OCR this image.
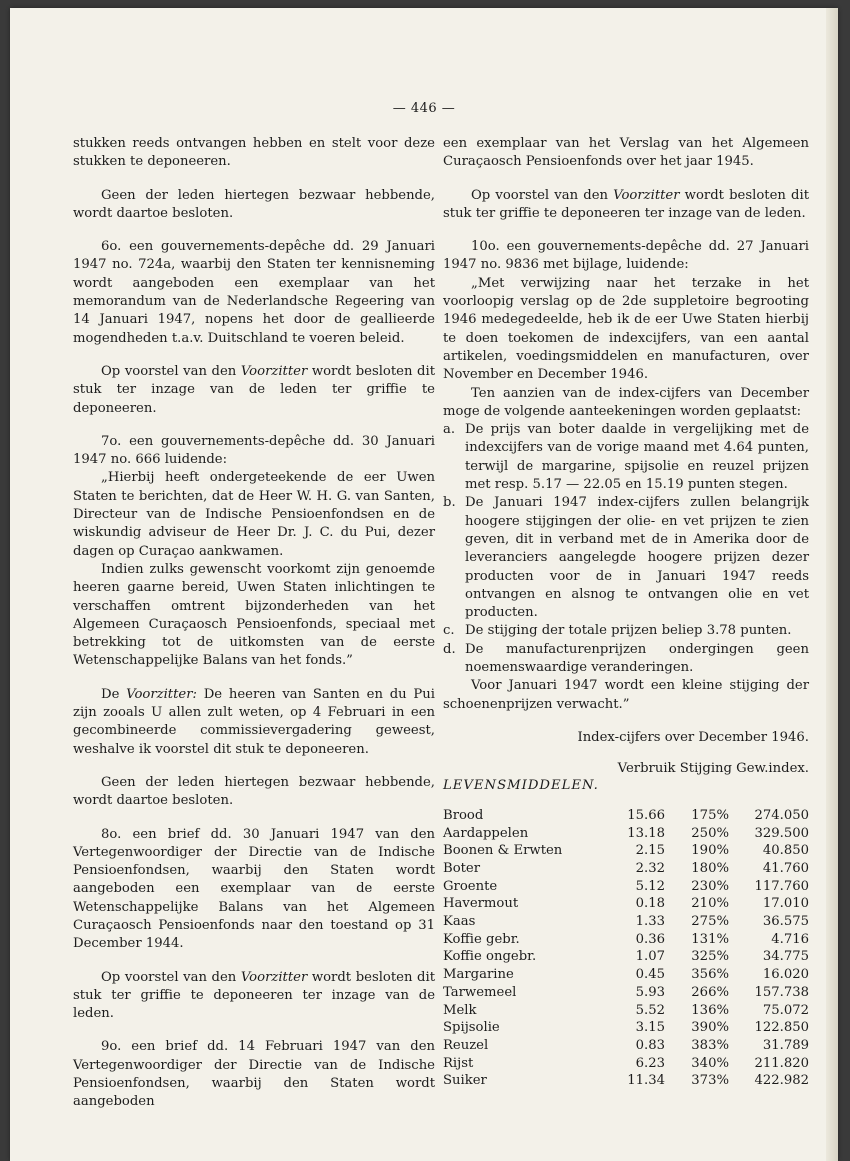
— 446 —

stukken reeds ontvangen hebben en stelt voor deze stukken te deponeeren.

Geen der leden hiertegen bezwaar hebbende, wordt daartoe besloten.

6o. een gouvernements-depêche dd. 29 Januari 1947 no. 724a, waarbij den Staten ter kennisneming wordt aangeboden een exemplaar van het memorandum van de Nederlandsche Regeering van 14 Januari 1947, nopens het door de geallieerde mogendheden t.a.v. Duitschland te voeren beleid.

Op voorstel van den Voorzitter wordt besloten dit stuk ter inzage van de leden ter griffie te deponeeren.

7o. een gouvernements-depêche dd. 30 Januari 1947 no. 666 luidende:

„Hierbij heeft ondergeteekende de eer Uwen Staten te berichten, dat de Heer W. H. G. van Santen, Directeur van de Indische Pensioenfondsen en de wiskundig adviseur de Heer Dr. J. C. du Pui, dezer dagen op Curaçao aankwamen.

Indien zulks gewenscht voorkomt zijn genoemde heeren gaarne bereid, Uwen Staten inlichtingen te verschaffen omtrent bijzonderheden van het Algemeen Curaçaosch Pensioenfonds, speciaal met betrekking tot de uitkomsten van de eerste Wetenschappelijke Balans van het fonds.”

De Voorzitter: De heeren van Santen en du Pui zijn zooals U allen zult weten, op 4 Februari in een gecombineerde commissievergadering geweest, weshalve ik voorstel dit stuk te deponeeren.

Geen der leden hiertegen bezwaar hebbende, wordt daartoe besloten.

8o. een brief dd. 30 Januari 1947 van den Vertegenwoordiger der Directie van de Indische Pensioenfondsen, waarbij den Staten wordt aangeboden een exemplaar van de eerste Wetenschappelijke Balans van het Algemeen Curaçaosch Pensioenfonds naar den toestand op 31 December 1944.

Op voorstel van den Voorzitter wordt besloten dit stuk ter griffie te deponeeren ter inzage van de leden.

9o. een brief dd. 14 Februari 1947 van den Vertegenwoordiger der Directie van de Indische Pensioenfondsen, waarbij den Staten wordt aangeboden

een exemplaar van het Verslag van het Algemeen Curaçaosch Pensioenfonds over het jaar 1945.

Op voorstel van den Voorzitter wordt besloten dit stuk ter griffie te deponeeren ter inzage van de leden.

10o. een gouvernements-depêche dd. 27 Januari 1947 no. 9836 met bijlage, luidende:

„Met verwijzing naar het terzake in het voorloopig verslag op de 2de suppletoire begrooting 1946 medegedeelde, heb ik de eer Uwe Staten hierbij te doen toekomen de indexcijfers, van een aantal artikelen, voedingsmiddelen en manufacturen, over November en December 1946.

Ten aanzien van de index-cijfers van December moge de volgende aanteekeningen worden geplaatst:

a. De prijs van boter daalde in vergelijking met de indexcijfers van de vorige maand met 4.64 punten, terwijl de margarine, spijsolie en reuzel prijzen met resp. 5.17 — 22.05 en 15.19 punten stegen.
b. De Januari 1947 index-cijfers zullen belangrijk hoogere stijgingen der olie- en vet prijzen te zien geven, dit in verband met de in Amerika door de leveranciers aangelegde hoogere prijzen dezer producten voor de in Januari 1947 reeds ontvangen en alsnog te ontvangen olie en vet producten.
c. De stijging der totale prijzen beliep 3.78 punten.
d. De manufacturenprijzen ondergingen geen noemenswaardige veranderingen.

Voor Januari 1947 wordt een kleine stijging der schoenenprijzen verwacht.”

Index-cijfers over December 1946.
Verbruik Stijging Gew.index.
LEVENSMIDDELEN.
Brood	15.66	175%	274.050
Aardappelen	13.18	250%	329.500
Boonen & Erwten	2.15	190%	40.850
Boter	2.32	180%	41.760
Groente	5.12	230%	117.760
Havermout	0.18	210%	17.010
Kaas	1.33	275%	36.575
Koffie gebr.	0.36	131%	4.716
Koffie ongebr.	1.07	325%	34.775
Margarine	0.45	356%	16.020
Tarwemeel	5.93	266%	157.738
Melk	5.52	136%	75.072
Spijsolie	3.15	390%	122.850
Reuzel	0.83	383%	31.789
Rijst	6.23	340%	211.820
Suiker	11.34	373%	422.982
